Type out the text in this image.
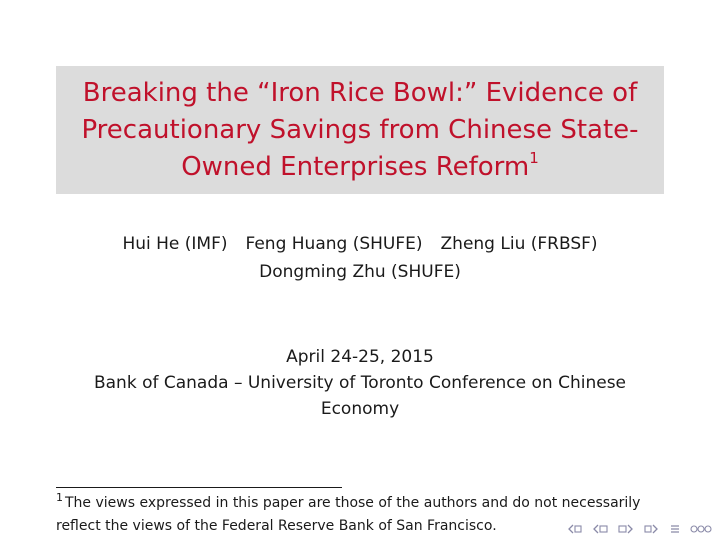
Breaking the “Iron Rice Bowl:” Evidence of Precautionary Savings from Chinese State-Owned Enterprises Reform$^1$
Hui He (IMF) Feng Huang (SHUFE) Zheng Liu (FRBSF)
Dongming Zhu (SHUFE)
April 24-25, 2015
Bank of Canada – University of Toronto Conference on Chinese Economy
$^1$ The views expressed in this paper are those of the authors and do not necessarily reflect the views of the Federal Reserve Bank of San Francisco.
